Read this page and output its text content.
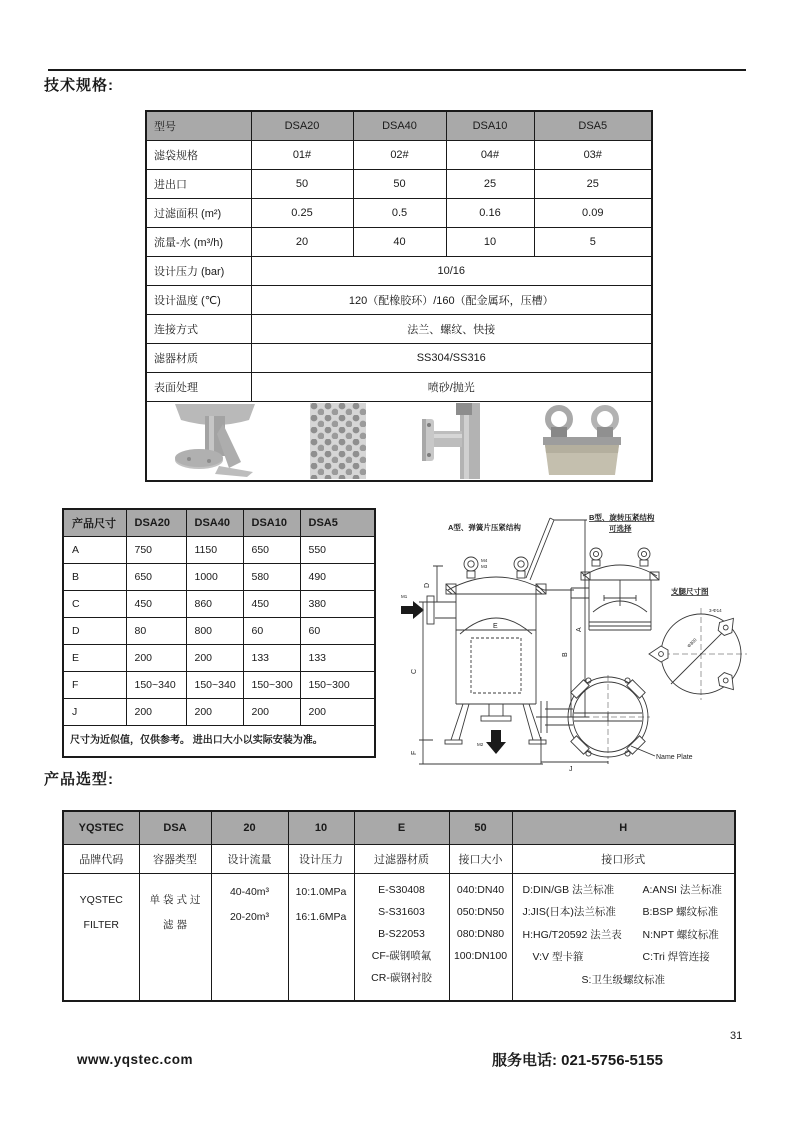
技术规格:
型号	DSA20	DSA40	DSA10	DSA5
滤袋规格	01#	02#	04#	03#
进出口	50	50	25	25
过滤面积 (m²)	0.25	0.5	0.16	0.09
流量-水 (m³/h)	20	40	10	5
设计压力 (bar)	10/16			
设计温度 (℃)	120（配橡胶环）/160（配金属环，压槽）			
连接方式	法兰、螺纹、快接			
滤器材质	SS304/SS316			
表面处理	喷砂/抛光			

产品尺寸	DSA20	DSA40	DSA10	DSA5
A	750	1150	650	550
B	650	1000	580	490
C	450	860	450	380
D	80	800	60	60
E	200	200	133	133
F	150~340	150~340	150~300	150~300
J	200	200	200	200
尺寸为近似值，仅供参考。 进出口大小以实际安装为准。				
A型、弹簧片压紧结构
M4
M3
E
M1
M2
D
C
F
B
A
B型、旋转压紧结构
可选择
支腿尺寸图
Φ300
3-Φ14
J
Name Plate
产品选型:
YQSTEC	DSA	20	10	E	50	H
品牌代码	容器类型	设计流量	设计压力	过滤器材质	接口大小	接口形式

YQSTEC
FILTER

单 袋 式 过
滤 器

40-40m³
20-20m³

10:1.0MPa
16:1.6MPa

E-S30408
S-S31603
B-S22053
CF-碳钢喷氟
CR-碳钢衬胶

040:DN40
050:DN50
080:DN80
100:DN100

D:DIN/GB 法兰标准	A:ANSI 法兰标准
J:JIS(日本)法兰标准	B:BSP 螺纹标准
H:HG/T20592 法兰表	N:NPT 螺纹标准
V:V 型卡箍	C:Tri 焊管连接
S:卫生级螺纹标准
www.yqstec.com	服务电话: 021-5756-5155
31
